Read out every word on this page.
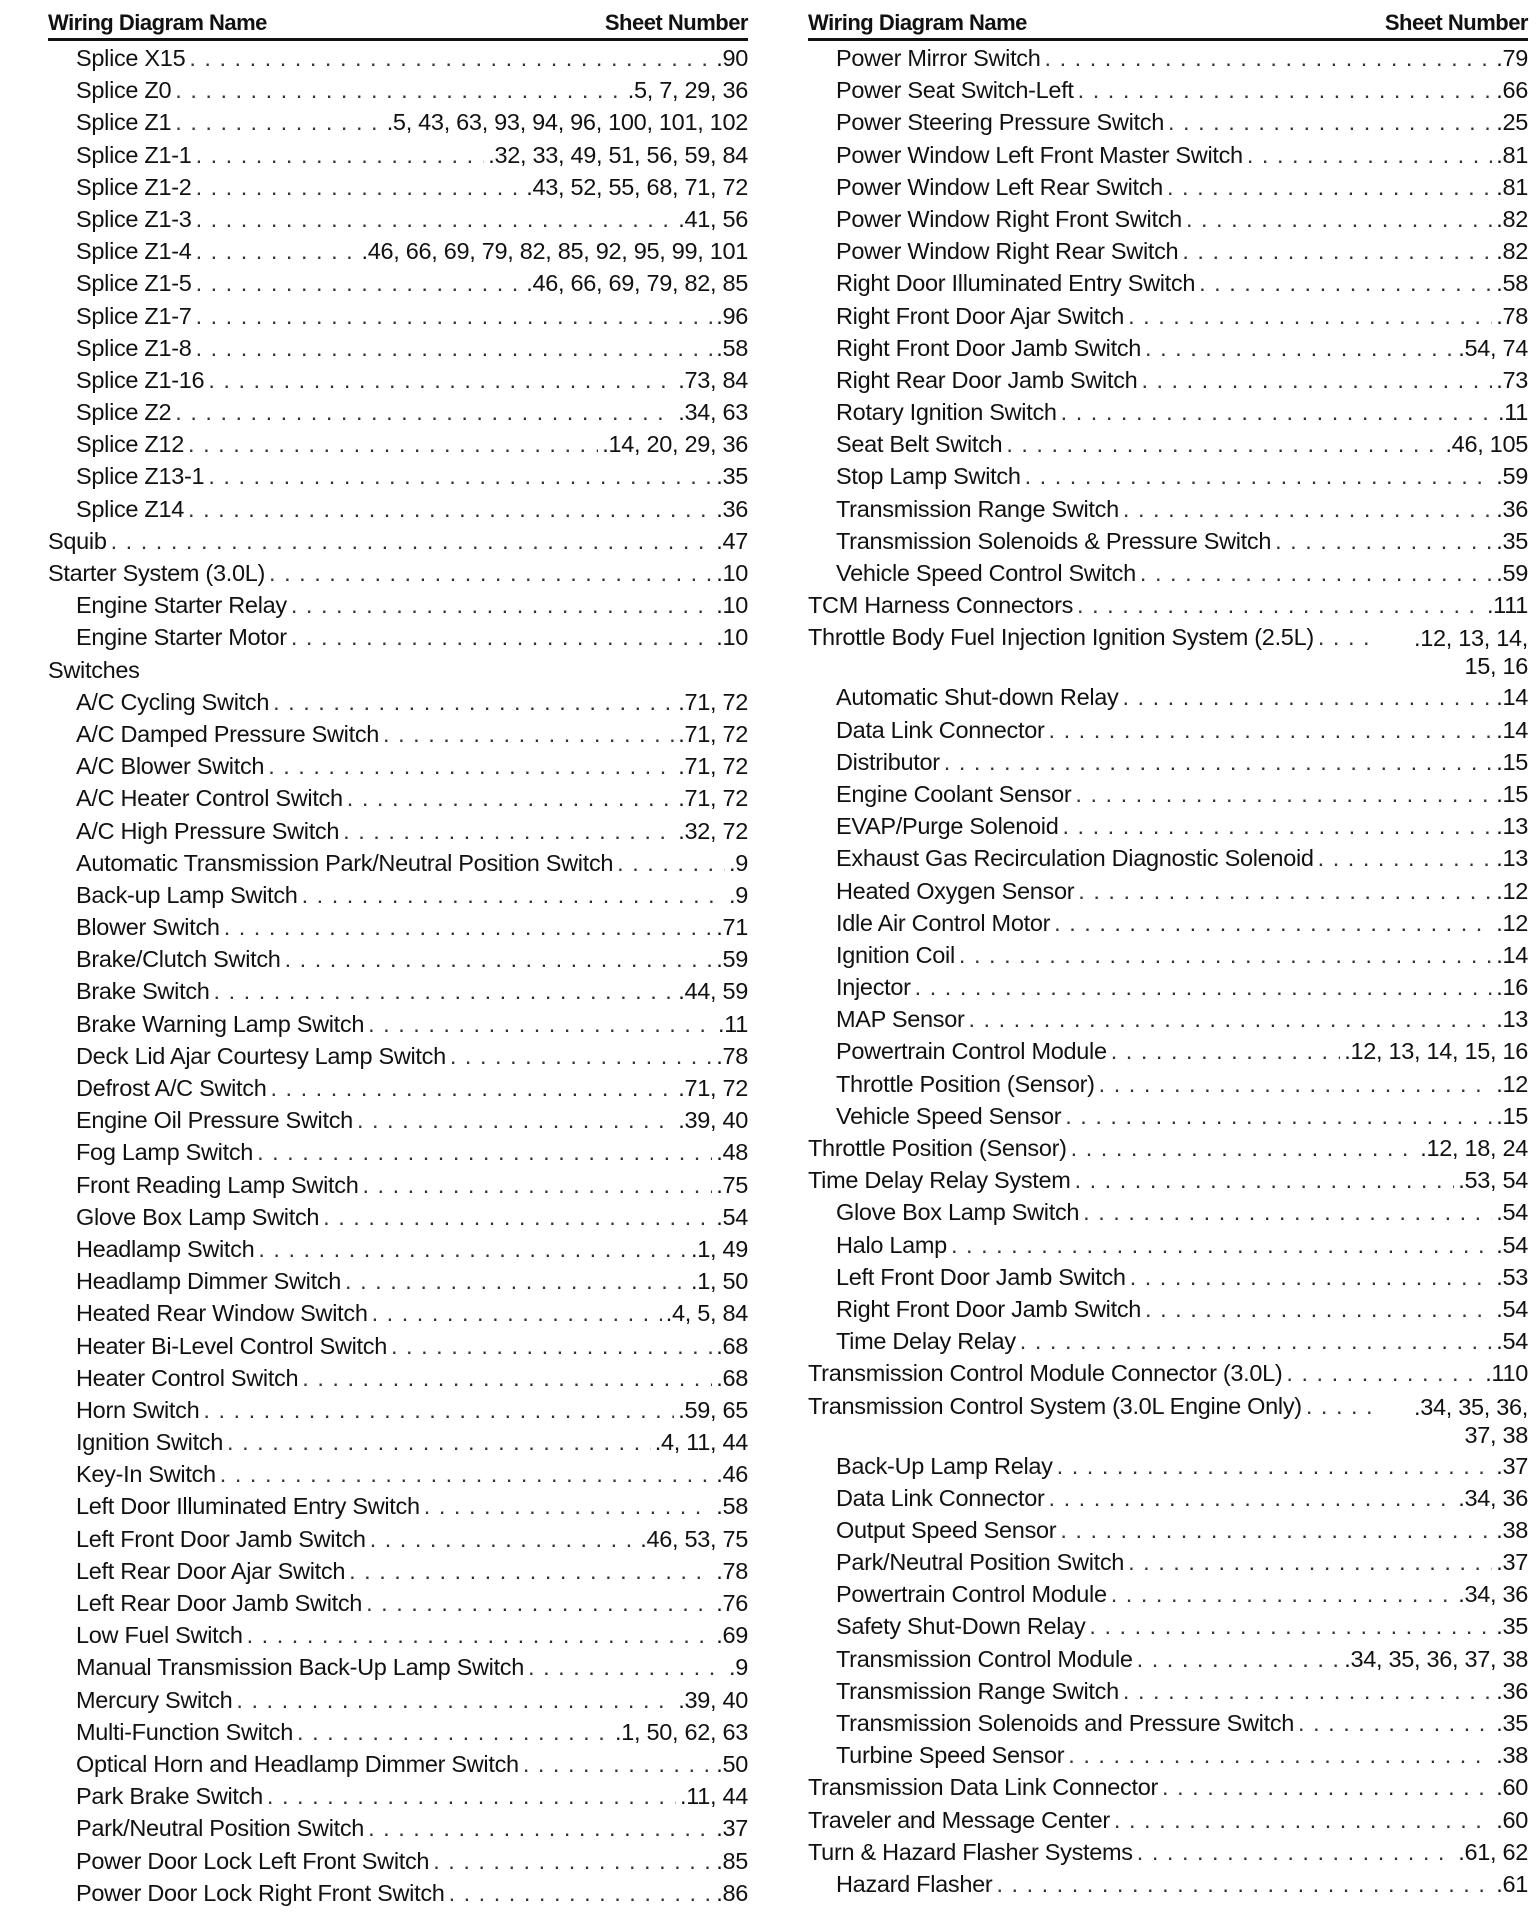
Wiring Diagram Name	Sheet Number
Splice X15 . . .	.90
Splice Z0 . . .	.5, 7, 29, 36
Splice Z1 . . .	.5, 43, 63, 93, 94, 96, 100, 101, 102
Splice Z1-1 . . .	.32, 33, 49, 51, 56, 59, 84
Splice Z1-2 . . .	.43, 52, 55, 68, 71, 72
Splice Z1-3 . . .	.41, 56
Splice Z1-4 . . .	.46, 66, 69, 79, 82, 85, 92, 95, 99, 101
Splice Z1-5 . . .	.46, 66, 69, 79, 82, 85
Splice Z1-7 . . .	.96
Splice Z1-8 . . .	.58
Splice Z1-16 . . .	.73, 84
Splice Z2 . . .	.34, 63
Splice Z12 . . .	.14, 20, 29, 36
Splice Z13-1 . . .	.35
Splice Z14 . . .	.36
Squib . . .	.47
Starter System (3.0L) . . .	.10
Engine Starter Relay . . .	.10
Engine Starter Motor . . .	.10
Switches
A/C Cycling Switch . . .	.71, 72
A/C Damped Pressure Switch . . .	.71, 72
A/C Blower Switch . . .	.71, 72
A/C Heater Control Switch . . .	.71, 72
A/C High Pressure Switch . . .	.32, 72
Automatic Transmission Park/Neutral Position Switch . . .	.9
Back-up Lamp Switch . . .	.9
Blower Switch . . .	.71
Brake/Clutch Switch . . .	.59
Brake Switch . . .	.44, 59
Brake Warning Lamp Switch . . .	.11
Deck Lid Ajar Courtesy Lamp Switch . . .	.78
Defrost A/C Switch . . .	.71, 72
Engine Oil Pressure Switch . . .	.39, 40
Fog Lamp Switch . . .	.48
Front Reading Lamp Switch . . .	.75
Glove Box Lamp Switch . . .	.54
Headlamp Switch . . .	.1, 49
Headlamp Dimmer Switch . . .	.1, 50
Heated Rear Window Switch . . .	.4, 5, 84
Heater Bi-Level Control Switch . . .	.68
Heater Control Switch . . .	.68
Horn Switch . . .	.59, 65
Ignition Switch . . .	.4, 11, 44
Key-In Switch . . .	.46
Left Door Illuminated Entry Switch . . .	.58
Left Front Door Jamb Switch . . .	.46, 53, 75
Left Rear Door Ajar Switch . . .	.78
Left Rear Door Jamb Switch . . .	.76
Low Fuel Switch . . .	.69
Manual Transmission Back-Up Lamp Switch . . .	.9
Mercury Switch . . .	.39, 40
Multi-Function Switch . . .	.1, 50, 62, 63
Optical Horn and Headlamp Dimmer Switch . . .	.50
Park Brake Switch . . .	.11, 44
Park/Neutral Position Switch . . .	.37
Power Door Lock Left Front Switch . . .	.85
Power Door Lock Right Front Switch . . .	.86
Wiring Diagram Name	Sheet Number
Power Mirror Switch . . .	.79
Power Seat Switch-Left . . .	.66
Power Steering Pressure Switch . . .	.25
Power Window Left Front Master Switch . . .	.81
Power Window Left Rear Switch . . .	.81
Power Window Right Front Switch . . .	.82
Power Window Right Rear Switch . . .	.82
Right Door Illuminated Entry Switch . . .	.58
Right Front Door Ajar Switch . . .	.78
Right Front Door Jamb Switch . . .	.54, 74
Right Rear Door Jamb Switch . . .	.73
Rotary Ignition Switch . . .	.11
Seat Belt Switch . . .	.46, 105
Stop Lamp Switch . . .	.59
Transmission Range Switch . . .	.36
Transmission Solenoids & Pressure Switch . . .	.35
Vehicle Speed Control Switch . . .	.59
TCM Harness Connectors . . .	.111
Throttle Body Fuel Injection Ignition System (2.5L) . . .	.12, 13, 14, 15, 16
Automatic Shut-down Relay . . .	.14
Data Link Connector . . .	.14
Distributor . . .	.15
Engine Coolant Sensor . . .	.15
EVAP/Purge Solenoid . . .	.13
Exhaust Gas Recirculation Diagnostic Solenoid . . .	.13
Heated Oxygen Sensor . . .	.12
Idle Air Control Motor . . .	.12
Ignition Coil . . .	.14
Injector . . .	.16
MAP Sensor . . .	.13
Powertrain Control Module . . .	.12, 13, 14, 15, 16
Throttle Position (Sensor) . . .	.12
Vehicle Speed Sensor . . .	.15
Throttle Position (Sensor) . . .	.12, 18, 24
Time Delay Relay System . . .	.53, 54
Glove Box Lamp Switch . . .	.54
Halo Lamp . . .	.54
Left Front Door Jamb Switch . . .	.53
Right Front Door Jamb Switch . . .	.54
Time Delay Relay . . .	.54
Transmission Control Module Connector (3.0L) . . .	.110
Transmission Control System (3.0L Engine Only) . . .	.34, 35, 36, 37, 38
Back-Up Lamp Relay . . .	.37
Data Link Connector . . .	.34, 36
Output Speed Sensor . . .	.38
Park/Neutral Position Switch . . .	.37
Powertrain Control Module . . .	.34, 36
Safety Shut-Down Relay . . .	.35
Transmission Control Module . . .	.34, 35, 36, 37, 38
Transmission Range Switch . . .	.36
Transmission Solenoids and Pressure Switch . . .	.35
Turbine Speed Sensor . . .	.38
Transmission Data Link Connector . . .	.60
Traveler and Message Center . . .	.60
Turn & Hazard Flasher Systems . . .	.61, 62
Hazard Flasher . . .	.61
